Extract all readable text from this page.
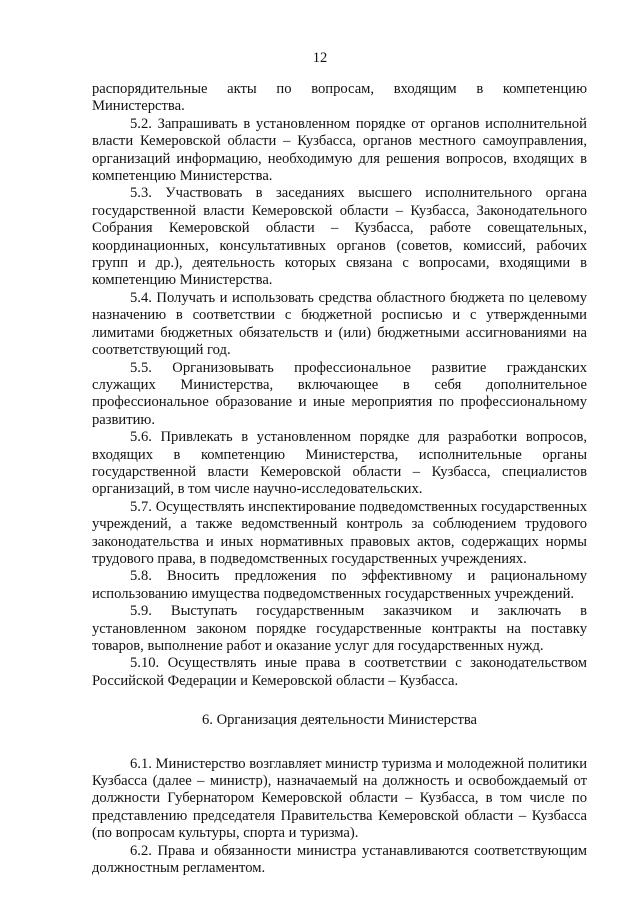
12

распорядительные акты по вопросам, входящим в компетенцию Министерства.

5.2. Запрашивать в установленном порядке от органов исполнительной власти Кемеровской области – Кузбасса, органов местного самоуправления, организаций информацию, необходимую для решения вопросов, входящих в компетенцию Министерства.

5.3. Участвовать в заседаниях высшего исполнительного органа государственной власти Кемеровской области – Кузбасса, Законодательного Собрания Кемеровской области – Кузбасса, работе совещательных, координационных, консультативных органов (советов, комиссий, рабочих групп и др.), деятельность которых связана с вопросами, входящими в компетенцию Министерства.

5.4. Получать и использовать средства областного бюджета по целевому назначению в соответствии с бюджетной росписью и с утвержденными лимитами бюджетных обязательств и (или) бюджетными ассигнованиями на соответствующий год.

5.5. Организовывать профессиональное развитие гражданских служащих Министерства, включающее в себя дополнительное профессиональное образование и иные мероприятия по профессиональному развитию.

5.6. Привлекать в установленном порядке для разработки вопросов, входящих в компетенцию Министерства, исполнительные органы государственной власти Кемеровской области – Кузбасса, специалистов организаций, в том числе научно-исследовательских.

5.7. Осуществлять инспектирование подведомственных государственных учреждений, а также ведомственный контроль за соблюдением трудового законодательства и иных нормативных правовых актов, содержащих нормы трудового права, в подведомственных государственных учреждениях.

5.8. Вносить предложения по эффективному и рациональному использованию имущества подведомственных государственных учреждений.

5.9. Выступать государственным заказчиком и заключать в установленном законом порядке государственные контракты на поставку товаров, выполнение работ и оказание услуг для государственных нужд.

5.10. Осуществлять иные права в соответствии с законодательством Российской Федерации и Кемеровской области – Кузбасса.

6. Организация деятельности Министерства

6.1. Министерство возглавляет министр туризма и молодежной политики Кузбасса (далее – министр), назначаемый на должность и освобождаемый от должности Губернатором Кемеровской области – Кузбасса, в том числе по представлению председателя Правительства Кемеровской области – Кузбасса (по вопросам культуры, спорта и туризма).

6.2. Права и обязанности министра устанавливаются соответствующим должностным регламентом.
